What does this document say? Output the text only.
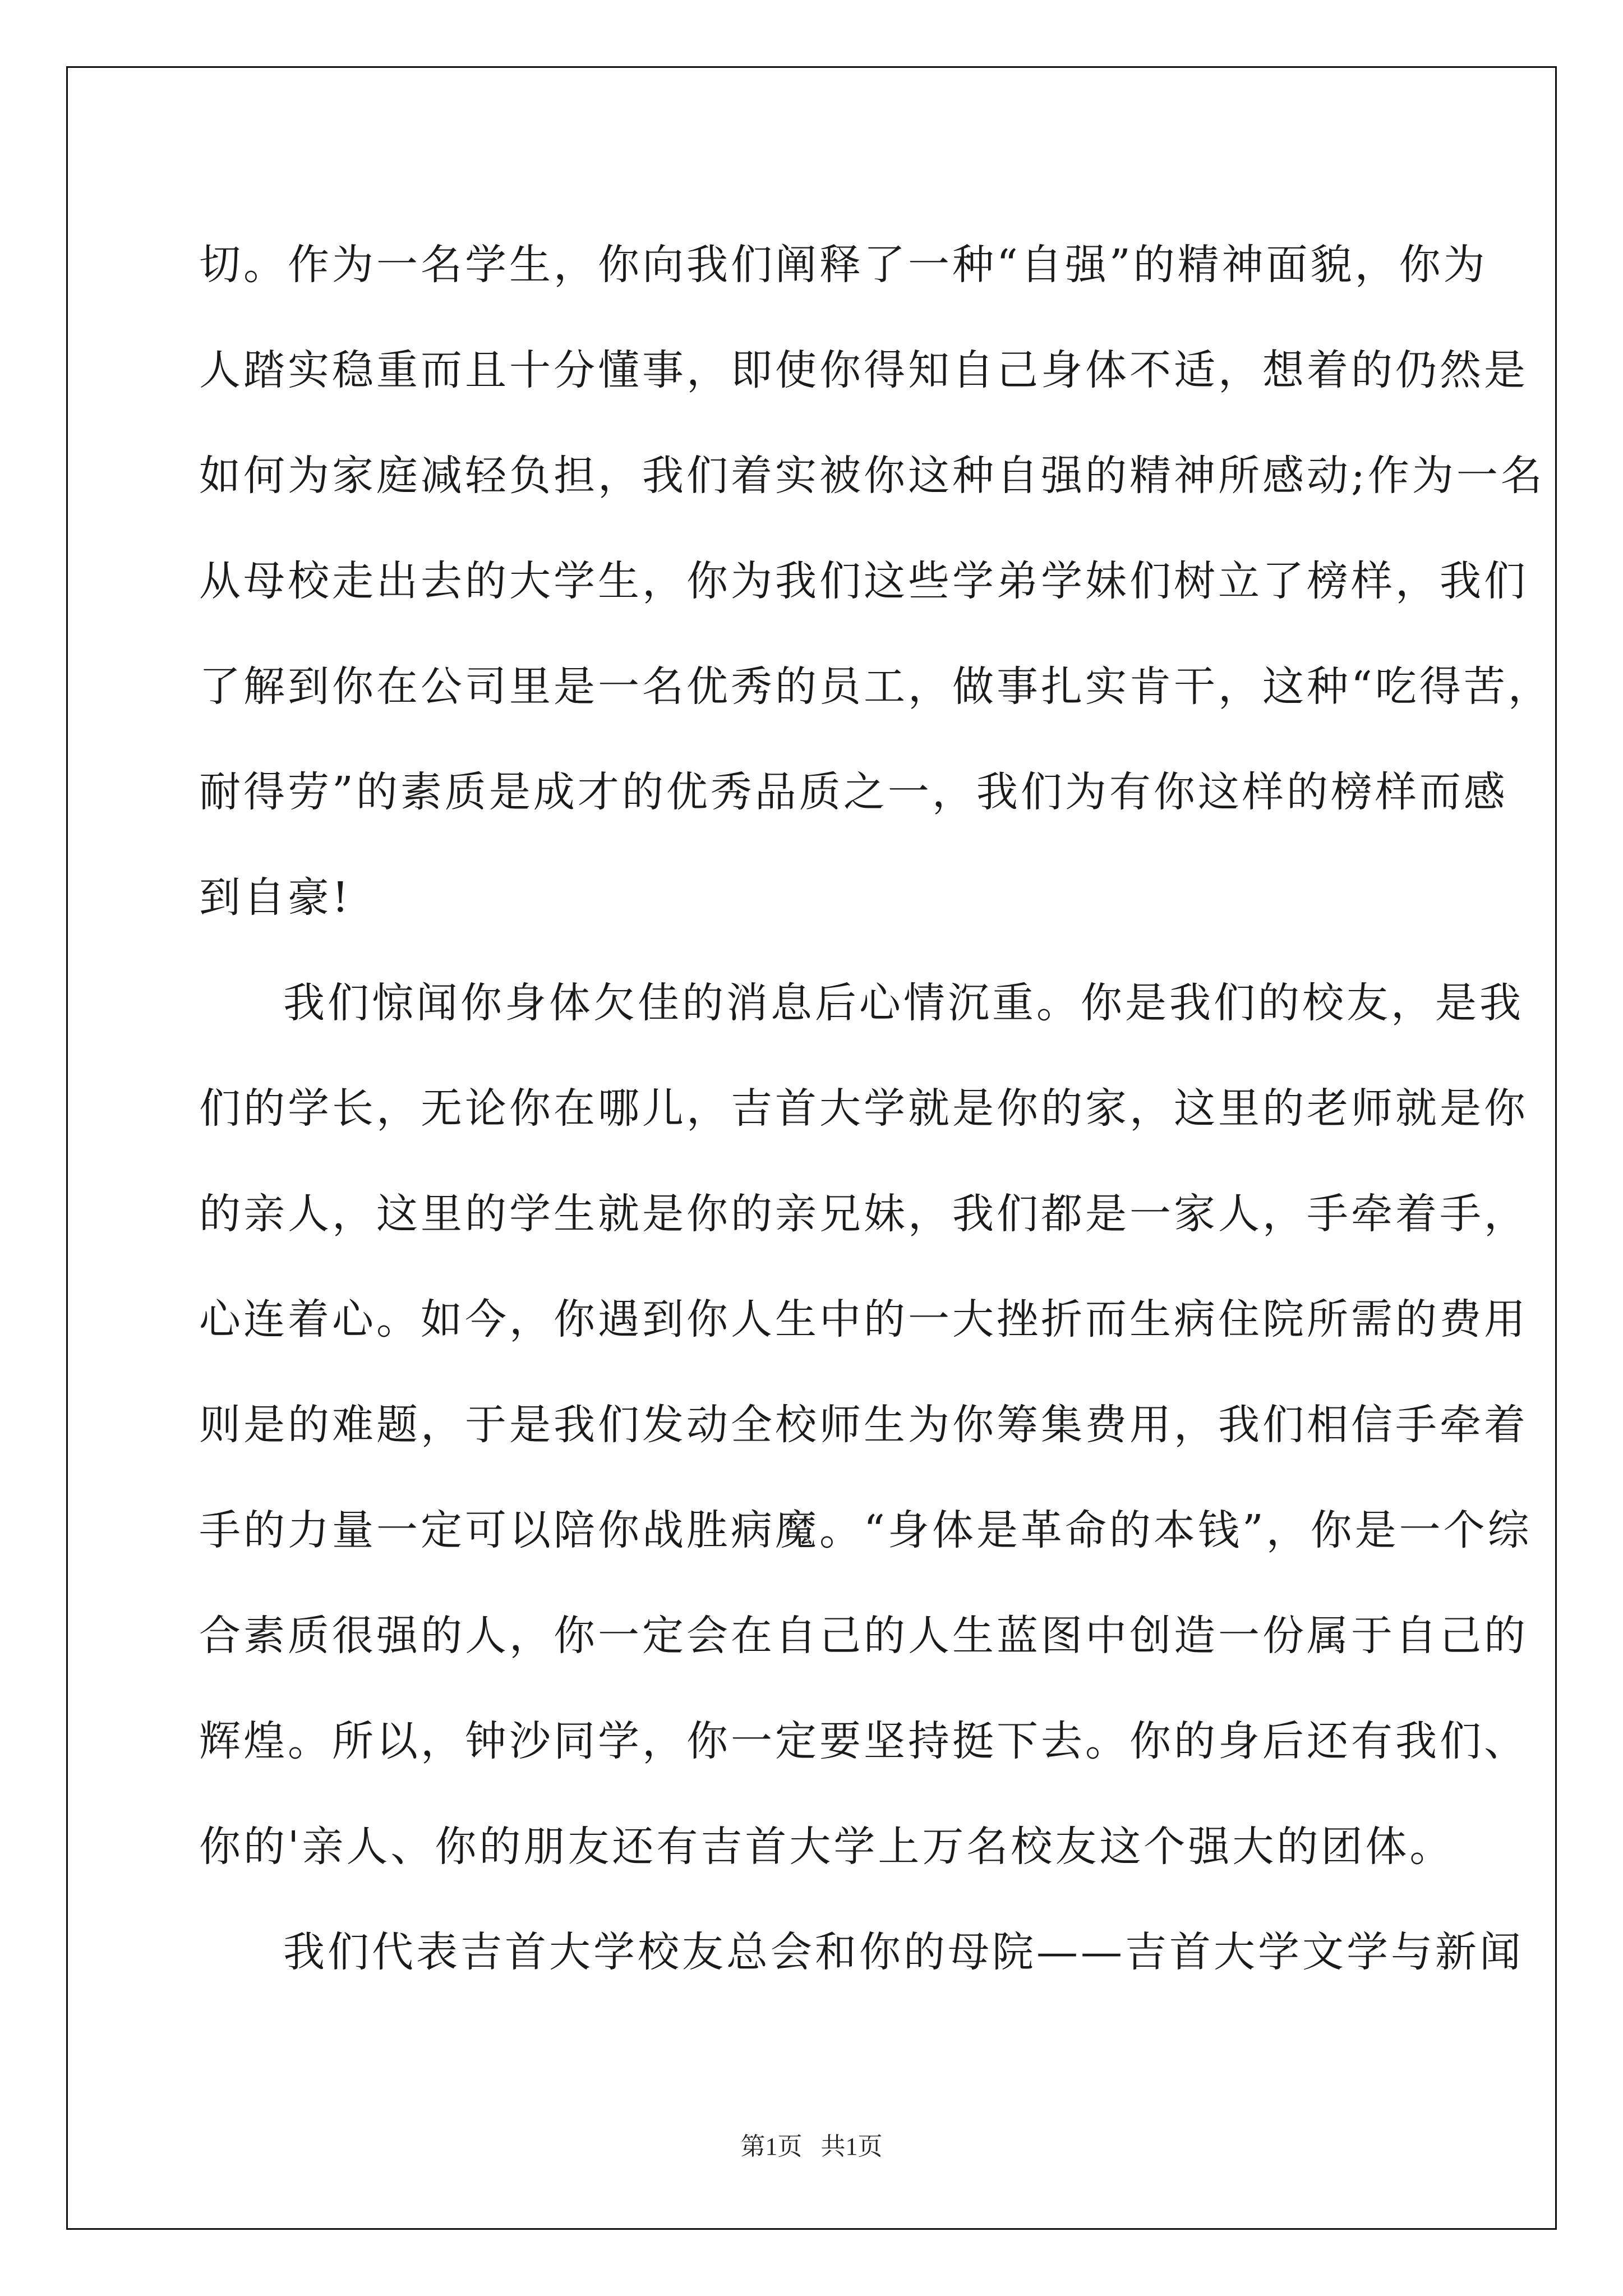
切。作为一名学生，你向我们阐释了一种“自强”的精神面貌，你为
人踏实稳重而且十分懂事，即使你得知自己身体不适，想着的仍然是
如何为家庭减轻负担，我们着实被你这种自强的精神所感动;作为一名
从母校走出去的大学生，你为我们这些学弟学妹们树立了榜样，我们
了解到你在公司里是一名优秀的员工，做事扎实肯干，这种“吃得苦，
耐得劳”的素质是成才的优秀品质之一，我们为有你这样的榜样而感
到自豪!
我们惊闻你身体欠佳的消息后心情沉重。你是我们的校友，是我
们的学长，无论你在哪儿，吉首大学就是你的家，这里的老师就是你
的亲人，这里的学生就是你的亲兄妹，我们都是一家人，手牵着手，
心连着心。如今，你遇到你人生中的一大挫折而生病住院所需的费用
则是的难题，于是我们发动全校师生为你筹集费用，我们相信手牵着
手的力量一定可以陪你战胜病魔。“身体是革命的本钱”，你是一个综
合素质很强的人，你一定会在自己的人生蓝图中创造一份属于自己的
辉煌。所以，钟沙同学，你一定要坚持挺下去。你的身后还有我们、
你的'亲人、你的朋友还有吉首大学上万名校友这个强大的团体。
我们代表吉首大学校友总会和你的母院——吉首大学文学与新闻
第1页   共1页
